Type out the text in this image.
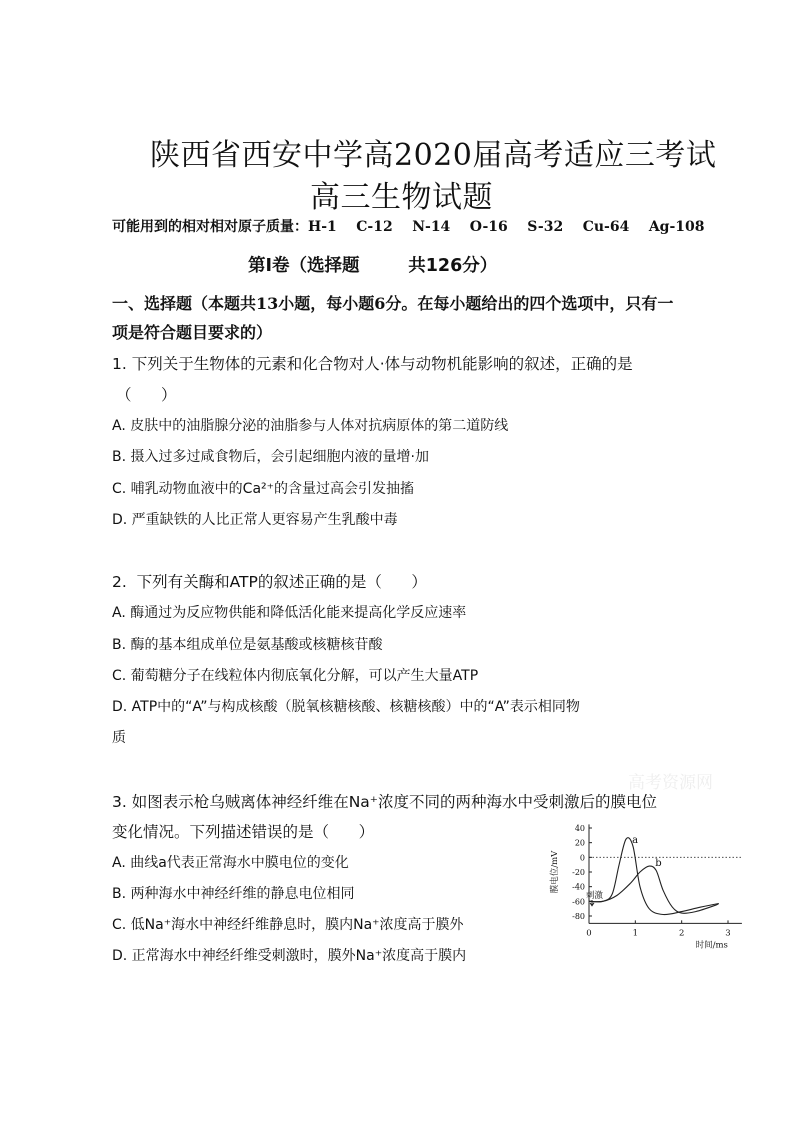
陕西省西安中学高2020届高考适应三考试
高三生物试题
可能用到的相对相对原子质量：H-1    C-12    N-14    O-16    S-32    Cu-64    Ag-108
第Ⅰ卷（选择题        共126分）
一、选择题（本题共13小题，每小题6分。在每小题给出的四个选项中，只有一
项是符合题目要求的）
1. 下列关于生物体的元素和化合物对人·体与动物机能影响的叙述，正确的是
（      ）
A. 皮肤中的油脂腺分泌的油脂参与人体对抗病原体的第二道防线
B. 摄入过多过咸食物后，会引起细胞内液的量增·加
C. 哺乳动物血液中的Ca²⁺的含量过高会引发抽搐
D. 严重缺铁的人比正常人更容易产生乳酸中毒
2.  下列有关酶和ATP的叙述正确的是（      ）
A. 酶通过为反应物供能和降低活化能来提高化学反应速率
B. 酶的基本组成单位是氨基酸或核糖核苷酸
C. 葡萄糖分子在线粒体内彻底氧化分解，可以产生大量ATP
D. ATP中的“A”与构成核酸（脱氧核糖核酸、核糖核酸）中的“A”表示相同物
质
高考资源网
3. 如图表示枪乌贼离体神经纤维在Na⁺浓度不同的两种海水中受刺激后的膜电位
变化情况。下列描述错误的是（      ）
A. 曲线a代表正常海水中膜电位的变化
B. 两种海水中神经纤维的静息电位相同
C. 低Na⁺海水中神经纤维静息时，膜内Na⁺浓度高于膜外
D. 正常海水中神经纤维受刺激时，膜外Na⁺浓度高于膜内
40
20
0
-20
-40
-60
-80
0	1	2	3
膜电位/mV
时间/ms
刺激
a
b
